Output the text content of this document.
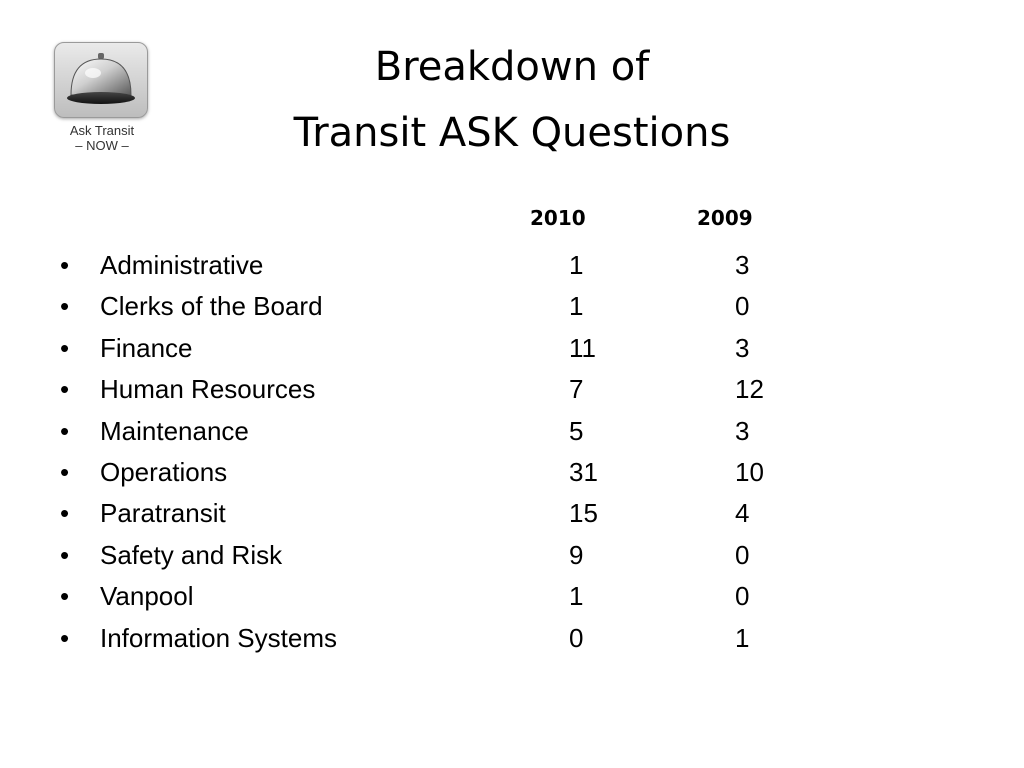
Ask Transit
– NOW –
Breakdown of
Transit ASK Questions
2010	2009
• Administrative	1	3
• Clerks of the Board	1	0
• Finance	11	3
• Human Resources	7	12
• Maintenance	5	3
• Operations	31	10
• Paratransit	15	4
• Safety and Risk	9	0
• Vanpool	1	0
• Information Systems	0	1
